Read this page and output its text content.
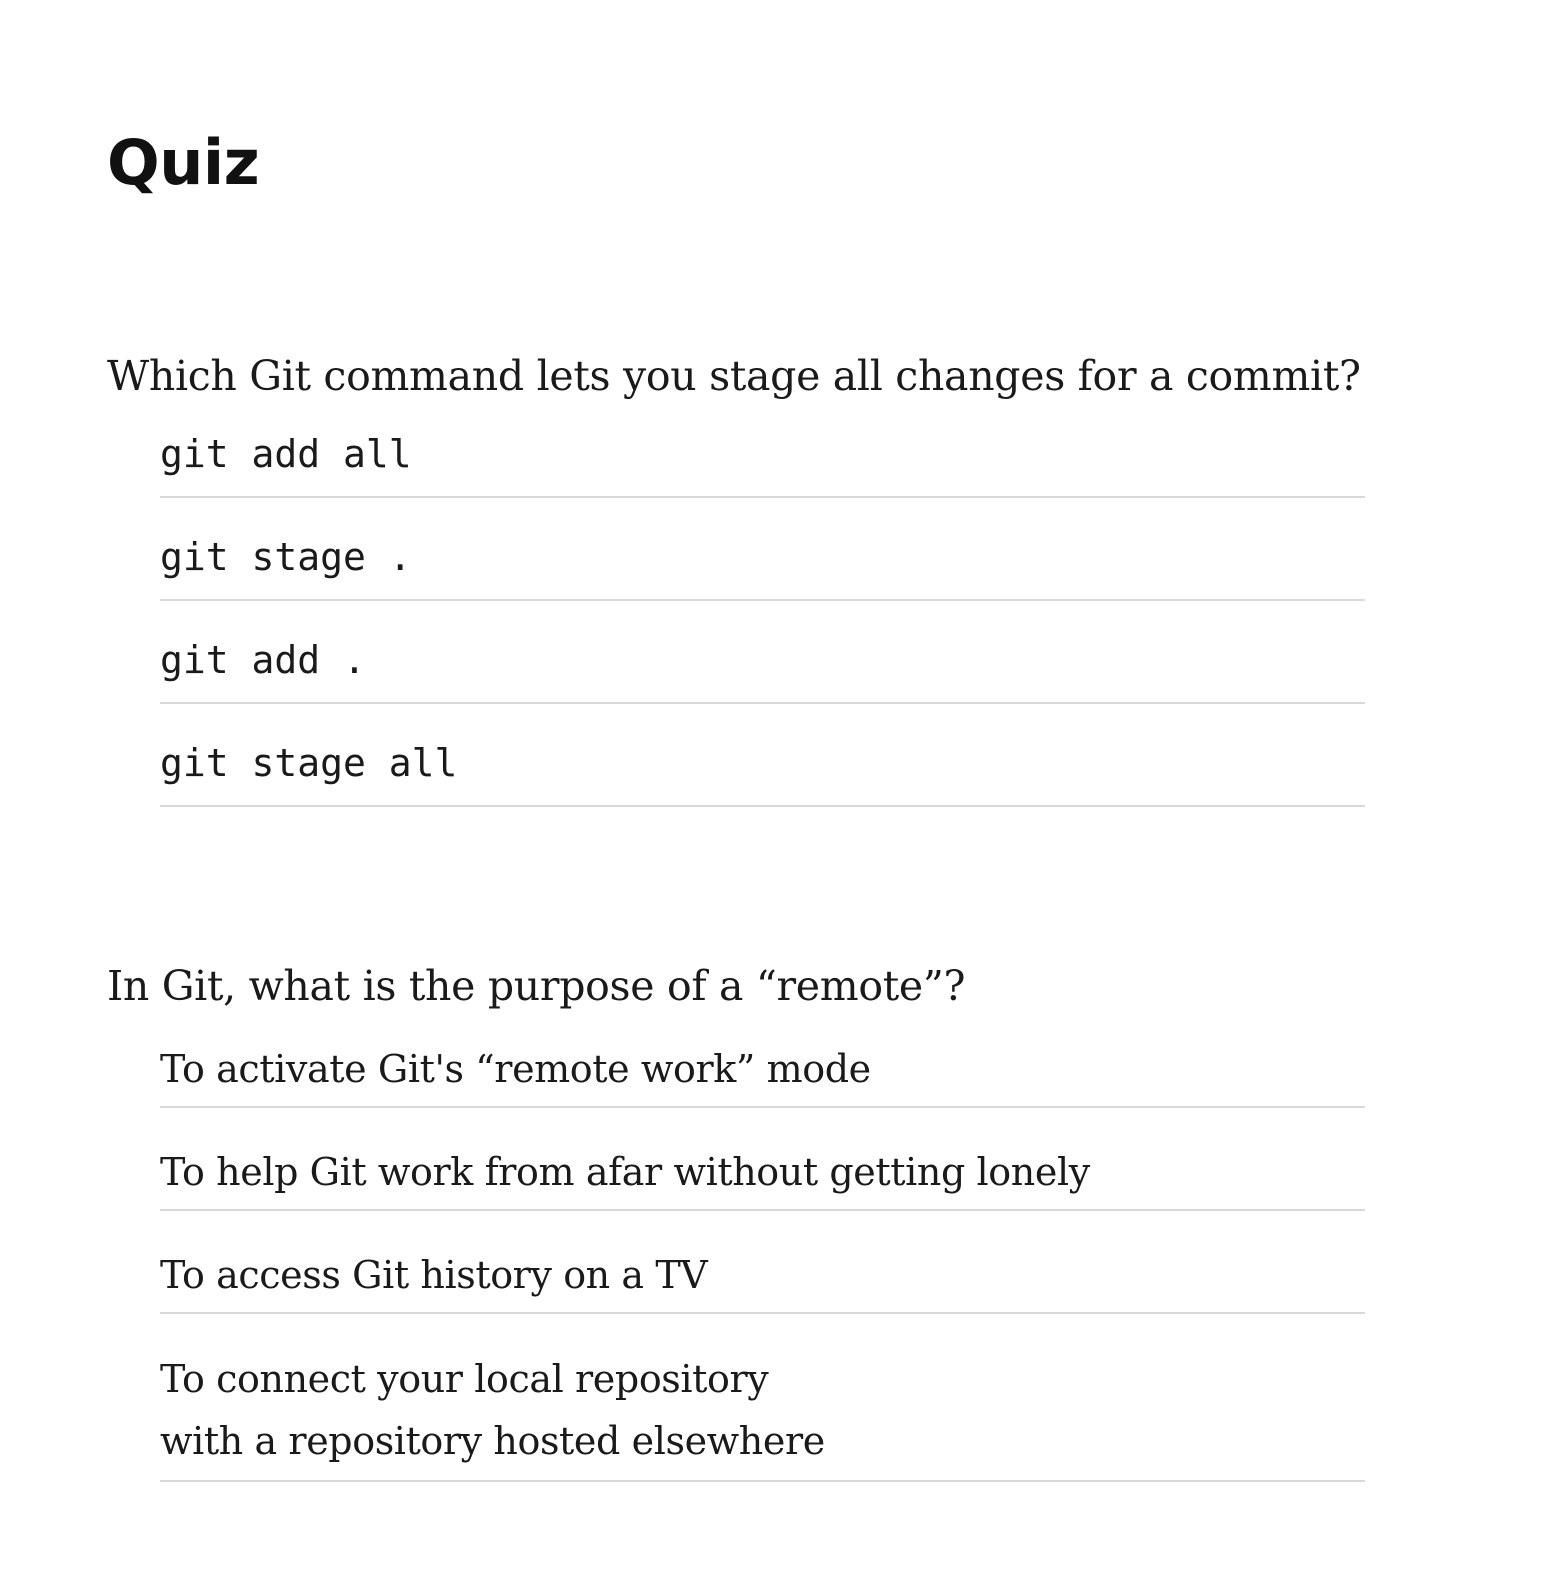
Quiz

Which Git command lets you stage all changes for a commit?

git add all
git stage .
git add .
git stage all

In Git, what is the purpose of a “remote”?

To activate Git's “remote work” mode
To help Git work from afar without getting lonely
To access Git history on a TV
To connect your local repository
with a repository hosted elsewhere
